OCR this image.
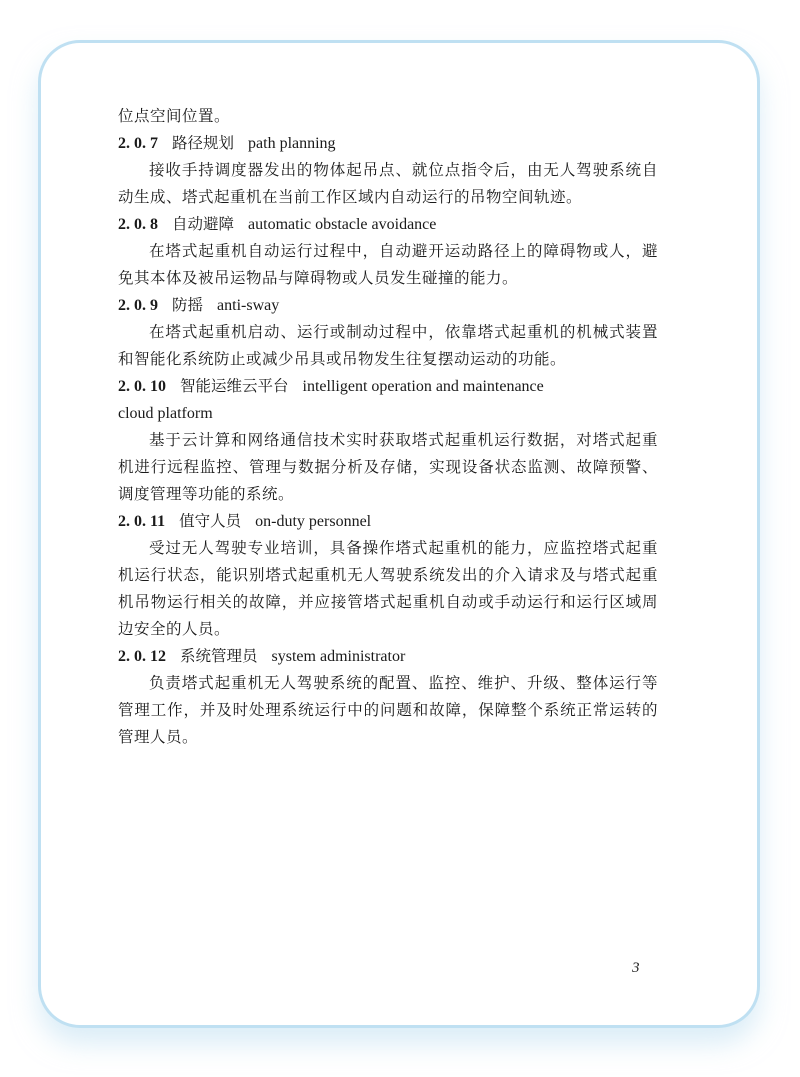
位点空间位置。
2. 0. 7 路径规划 path planning
接收手持调度器发出的物体起吊点、就位点指令后，由无人驾驶系统自动生成、塔式起重机在当前工作区域内自动运行的吊物空间轨迹。
2. 0. 8 自动避障 automatic obstacle avoidance
在塔式起重机自动运行过程中，自动避开运动路径上的障碍物或人，避免其本体及被吊运物品与障碍物或人员发生碰撞的能力。
2. 0. 9 防摇 anti-sway
在塔式起重机启动、运行或制动过程中，依靠塔式起重机的机械式装置和智能化系统防止或减少吊具或吊物发生往复摆动运动的功能。
2. 0. 10 智能运维云平台 intelligent operation and maintenance
cloud platform
基于云计算和网络通信技术实时获取塔式起重机运行数据，对塔式起重机进行远程监控、管理与数据分析及存储，实现设备状态监测、故障预警、调度管理等功能的系统。
2. 0. 11 值守人员 on-duty personnel
受过无人驾驶专业培训，具备操作塔式起重机的能力，应监控塔式起重机运行状态，能识别塔式起重机无人驾驶系统发出的介入请求及与塔式起重机吊物运行相关的故障，并应接管塔式起重机自动或手动运行和运行区域周边安全的人员。
2. 0. 12 系统管理员 system administrator
负责塔式起重机无人驾驶系统的配置、监控、维护、升级、整体运行等管理工作，并及时处理系统运行中的问题和故障，保障整个系统正常运转的管理人员。
3
